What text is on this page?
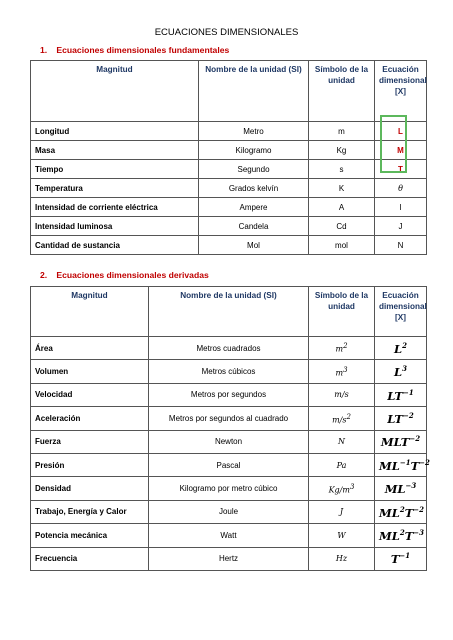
ECUACIONES DIMENSIONALES
1. Ecuaciones dimensionales fundamentales
Magnitud	Nombre de la unidad (SI)	Símbolo de la unidad	Ecuación dimensional [X]
Longitud	Metro	m	L
Masa	Kilogramo	Kg	M
Tiempo	Segundo	s	T
Temperatura	Grados kelvín	K	θ
Intensidad de corriente eléctrica	Ampere	A	I
Intensidad luminosa	Candela	Cd	J
Cantidad de sustancia	Mol	mol	N
2. Ecuaciones dimensionales derivadas
Magnitud	Nombre de la unidad (SI)	Símbolo de la unidad	Ecuación dimensional [X]
Área	Metros cuadrados	$m^2$	$L^2$
Volumen	Metros cúbicos	$m^3$	$L^3$
Velocidad	Metros por segundos	m/s	$LT^{-1}$
Aceleración	Metros por segundos al cuadrado	$m/s^2$	$LT^{-2}$
Fuerza	Newton	N	$MLT^{-2}$
Presión	Pascal	Pa	$ML^{-1}T^{-2}$
Densidad	Kilogramo por metro cúbico	$Kg/m^3$	$ML^{-3}$
Trabajo, Energía y Calor	Joule	J	$ML^2T^{-2}$
Potencia mecánica	Watt	W	$ML^2T^{-3}$
Frecuencia	Hertz	Hz	$T^{-1}$
